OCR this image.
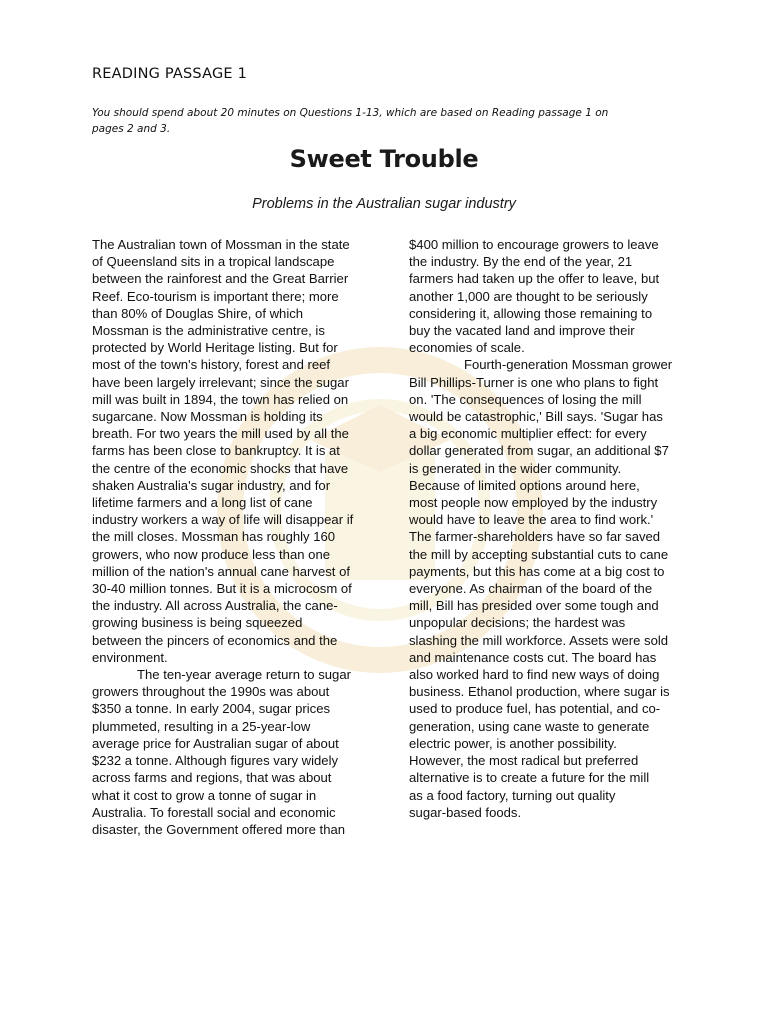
READING PASSAGE 1
You should spend about 20 minutes on Questions 1-13, which are based on Reading passage 1 on
pages 2 and 3.
Sweet Trouble
Problems in the Australian sugar industry

The Australian town of Mossman in the state
of Queensland sits in a tropical landscape
between the rainforest and the Great Barrier
Reef. Eco-tourism is important there; more
than 80% of Douglas Shire, of which
Mossman is the administrative centre, is
protected by World Heritage listing. But for
most of the town's history, forest and reef
have been largely irrelevant; since the sugar
mill was built in 1894, the town has relied on
sugarcane. Now Mossman is holding its
breath. For two years the mill used by all the
farms has been close to bankruptcy. It is at
the centre of the economic shocks that have
shaken Australia's sugar industry, and for
lifetime farmers and a long list of cane
industry workers a way of life will disappear if
the mill closes. Mossman has roughly 160
growers, who now produce less than one
million of the nation's annual cane harvest of
30-40 million tonnes. But it is a microcosm of
the industry. All across Australia, the cane-
growing business is being squeezed
between the pincers of economics and the
environment.

The ten-year average return to sugar

growers throughout the 1990s was about
$350 a tonne. In early 2004, sugar prices
plummeted, resulting in a 25-year-low
average price for Australian sugar of about
$232 a tonne. Although figures vary widely
across farms and regions, that was about
what it cost to grow a tonne of sugar in
Australia. To forestall social and economic
disaster, the Government offered more than

$400 million to encourage growers to leave
the industry. By the end of the year, 21
farmers had taken up the offer to leave, but
another 1,000 are thought to be seriously
considering it, allowing those remaining to
buy the vacated land and improve their
economies of scale.

Fourth-generation Mossman grower

Bill Phillips-Turner is one who plans to fight
on. 'The consequences of losing the mill
would be catastrophic,' Bill says. 'Sugar has
a big economic multiplier effect: for every
dollar generated from sugar, an additional $7
is generated in the wider community.
Because of limited options around here,
most people now employed by the industry
would have to leave the area to find work.'
The farmer-shareholders have so far saved
the mill by accepting substantial cuts to cane
payments, but this has come at a big cost to
everyone. As chairman of the board of the
mill, Bill has presided over some tough and
unpopular decisions; the hardest was
slashing the mill workforce. Assets were sold
and maintenance costs cut. The board has
also worked hard to find new ways of doing
business. Ethanol production, where sugar is
used to produce fuel, has potential, and co-
generation, using cane waste to generate
electric power, is another possibility.
However, the most radical but preferred
alternative is to create a future for the mill
as a food factory, turning out quality
sugar-based foods.
